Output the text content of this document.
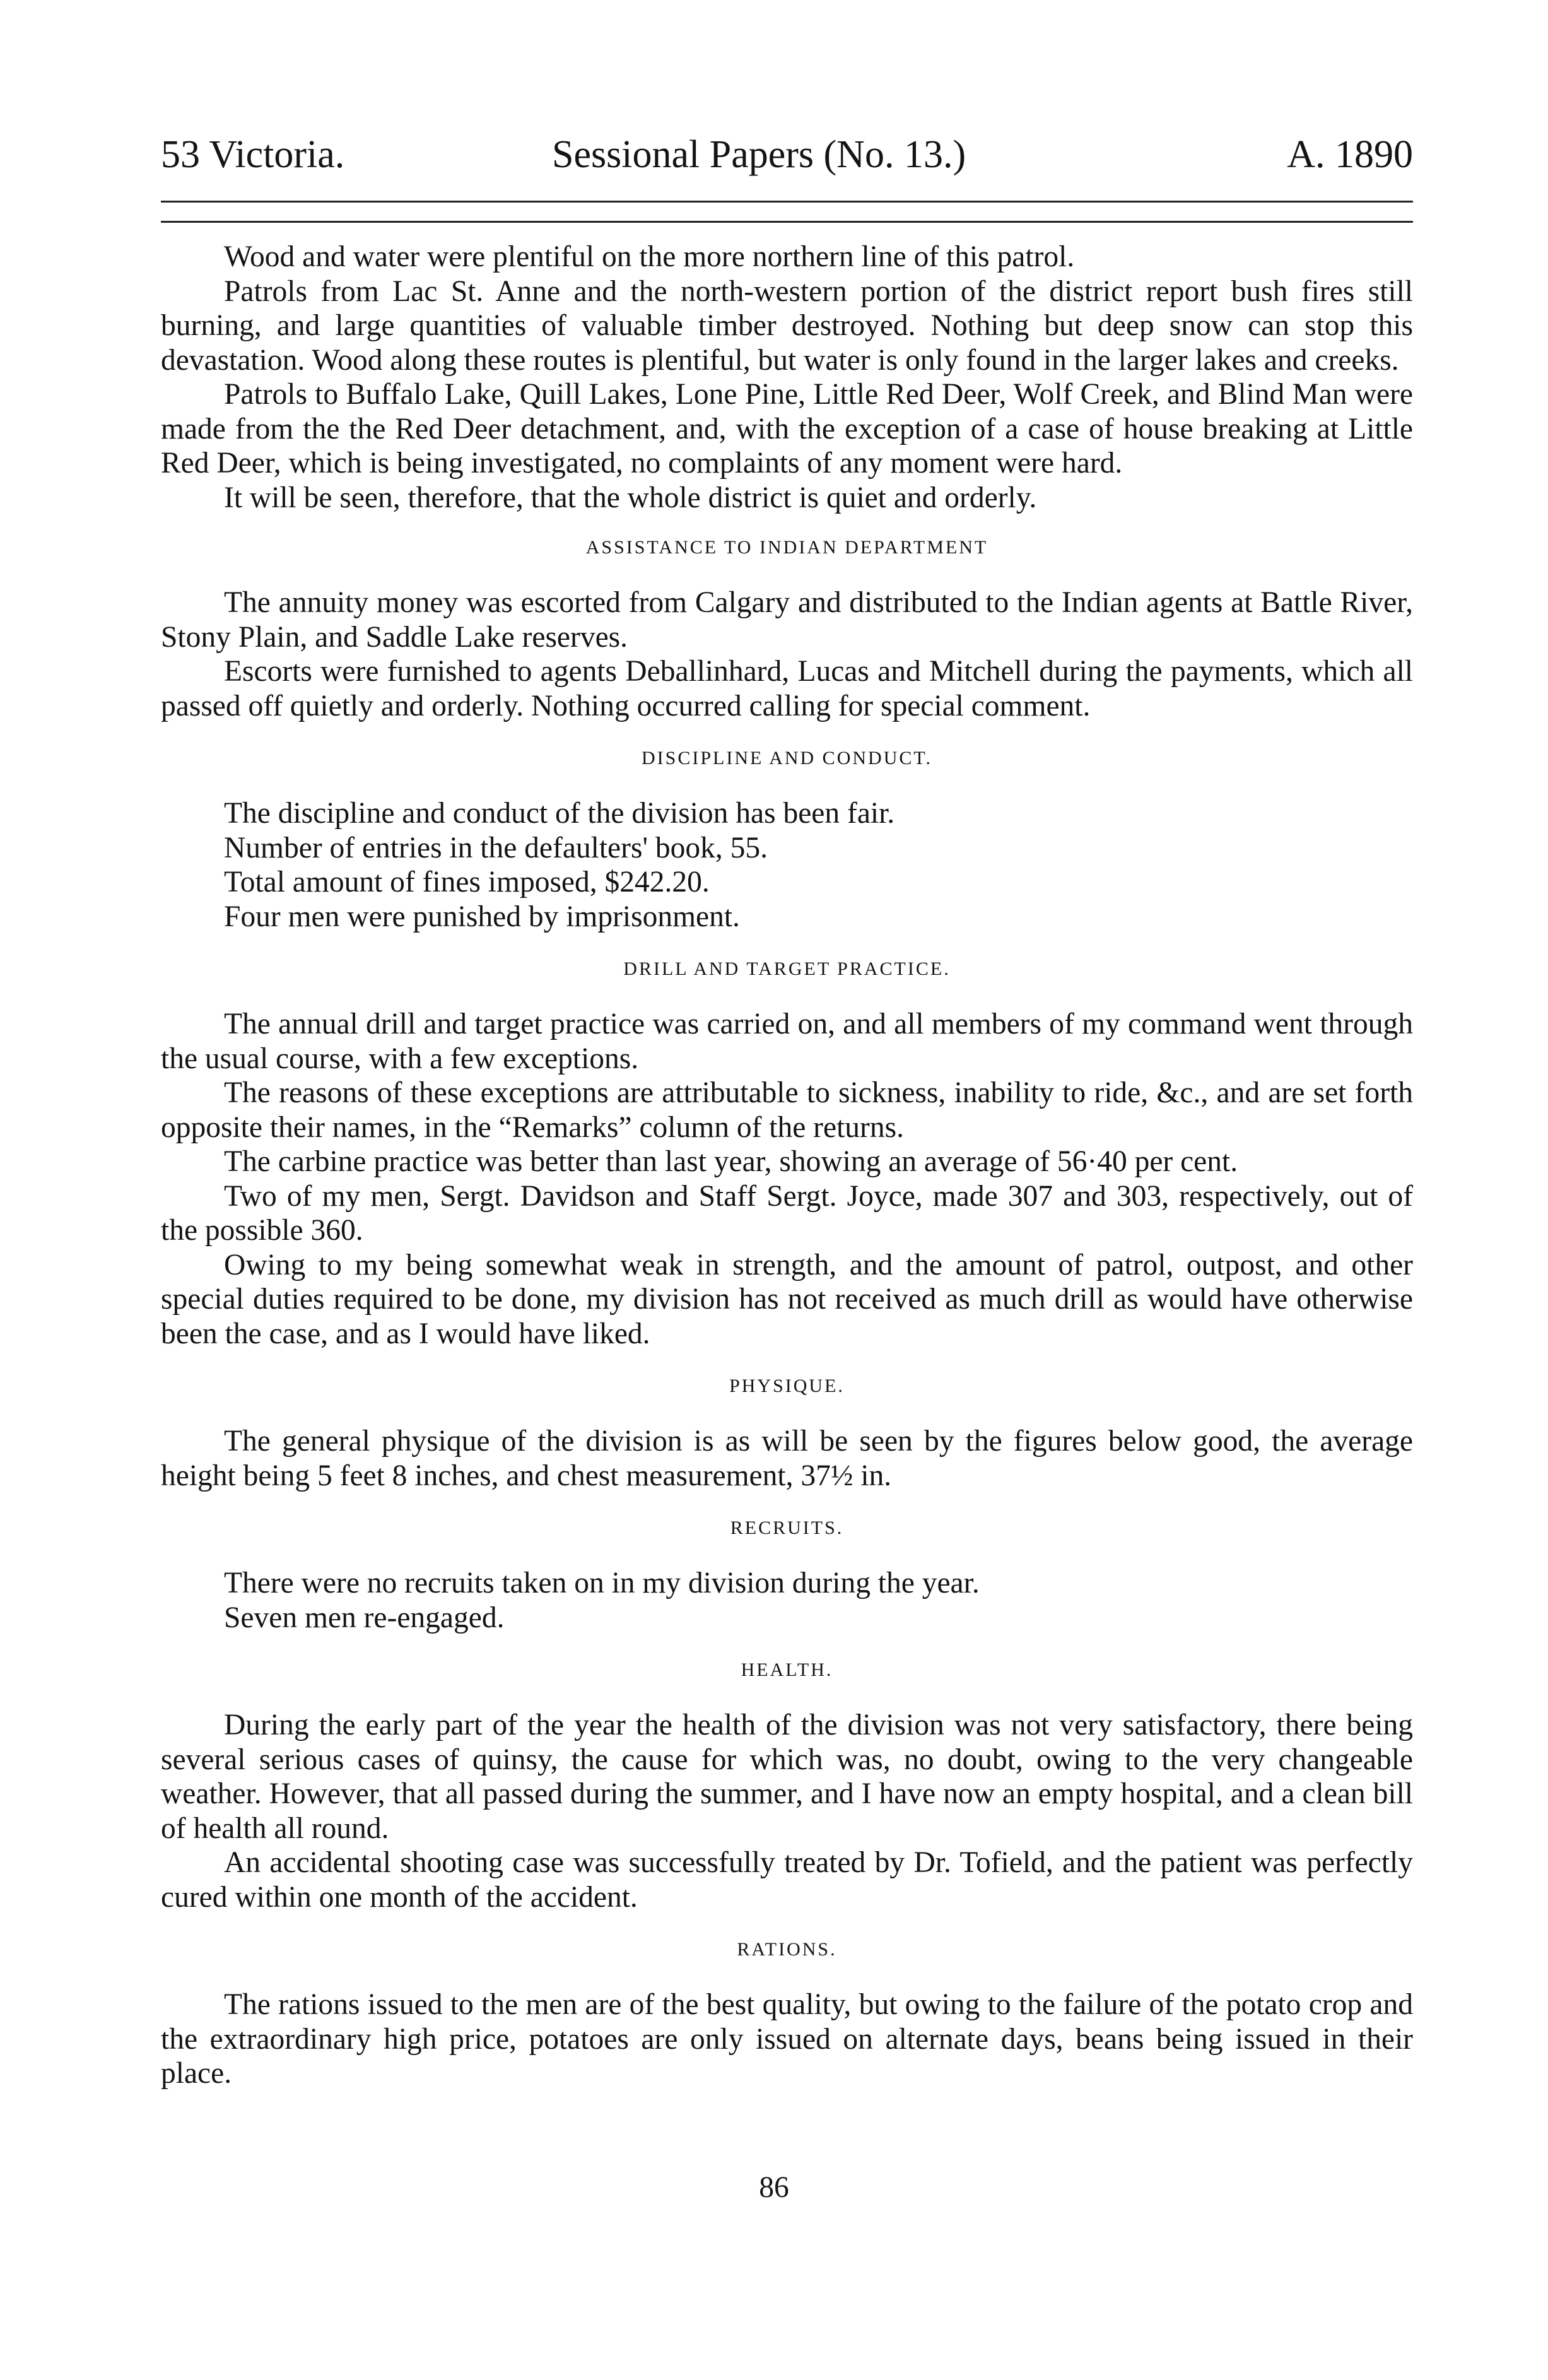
53 Victoria.	Sessional Papers (No. 13.)	A. 1890

Wood and water were plentiful on the more northern line of this patrol.

Patrols from Lac St. Anne and the north-western portion of the district report bush fires still burning, and large quantities of valuable timber destroyed. Nothing but deep snow can stop this devastation. Wood along these routes is plentiful, but water is only found in the larger lakes and creeks.

Patrols to Buffalo Lake, Quill Lakes, Lone Pine, Little Red Deer, Wolf Creek, and Blind Man were made from the the Red Deer detachment, and, with the exception of a case of house breaking at Little Red Deer, which is being investigated, no complaints of any moment were hard.

It will be seen, therefore, that the whole district is quiet and orderly.

ASSISTANCE TO INDIAN DEPARTMENT

The annuity money was escorted from Calgary and distributed to the Indian agents at Battle River, Stony Plain, and Saddle Lake reserves.

Escorts were furnished to agents Deballinhard, Lucas and Mitchell during the payments, which all passed off quietly and orderly. Nothing occurred calling for special comment.

DISCIPLINE AND CONDUCT.

The discipline and conduct of the division has been fair.

Number of entries in the defaulters' book, 55.

Total amount of fines imposed, $242.20.

Four men were punished by imprisonment.

DRILL AND TARGET PRACTICE.

The annual drill and target practice was carried on, and all members of my command went through the usual course, with a few exceptions.

The reasons of these exceptions are attributable to sickness, inability to ride, &c., and are set forth opposite their names, in the “Remarks” column of the returns.

The carbine practice was better than last year, showing an average of 56·40 per cent.

Two of my men, Sergt. Davidson and Staff Sergt. Joyce, made 307 and 303, respectively, out of the possible 360.

Owing to my being somewhat weak in strength, and the amount of patrol, outpost, and other special duties required to be done, my division has not received as much drill as would have otherwise been the case, and as I would have liked.

PHYSIQUE.

The general physique of the division is as will be seen by the figures below good, the average height being 5 feet 8 inches, and chest measurement, 37½ in.

RECRUITS.

There were no recruits taken on in my division during the year.

Seven men re-engaged.

HEALTH.

During the early part of the year the health of the division was not very satisfactory, there being several serious cases of quinsy, the cause for which was, no doubt, owing to the very changeable weather. However, that all passed during the summer, and I have now an empty hospital, and a clean bill of health all round.

An accidental shooting case was successfully treated by Dr. Tofield, and the patient was perfectly cured within one month of the accident.

RATIONS.

The rations issued to the men are of the best quality, but owing to the failure of the potato crop and the extraordinary high price, potatoes are only issued on alternate days, beans being issued in their place.

86
